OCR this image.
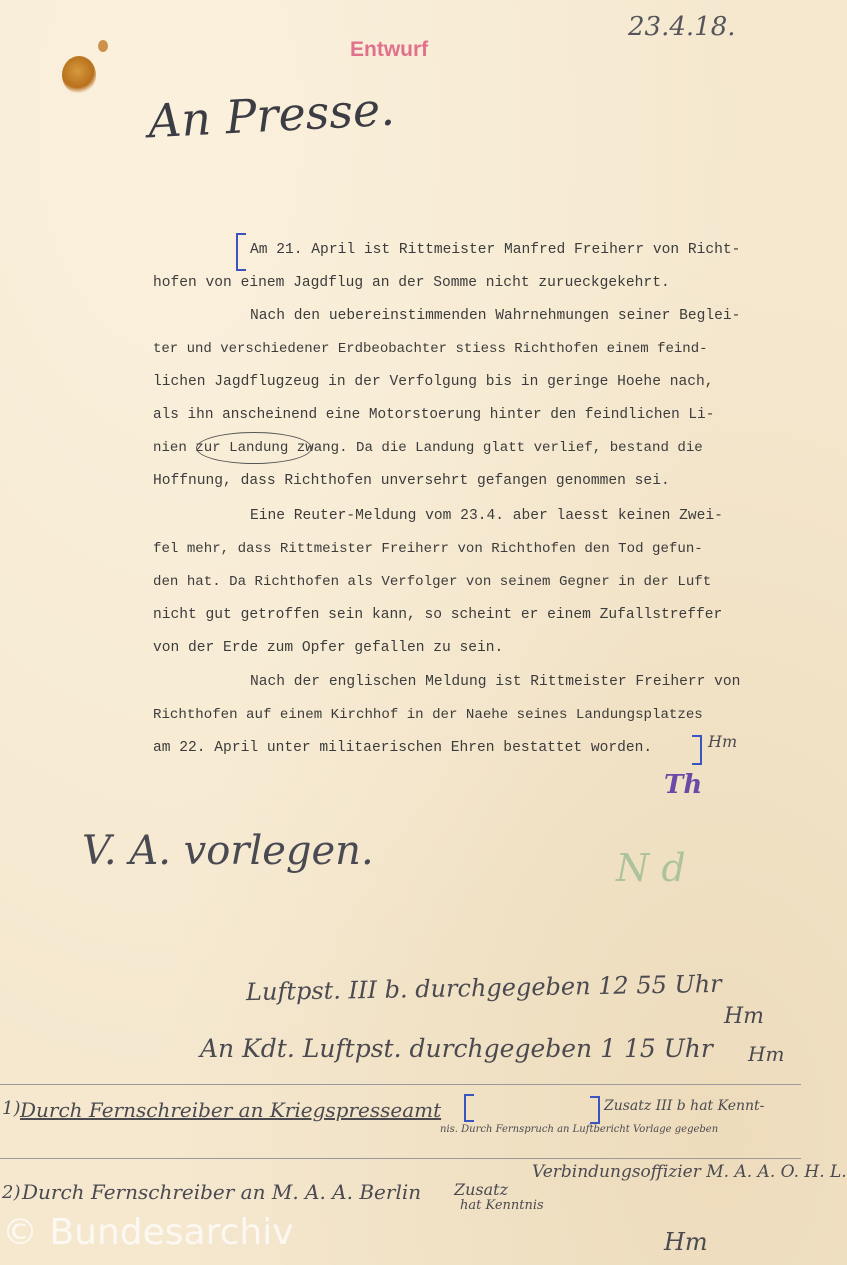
23.4.18.
Entwurf
An Presse.
Am 21. April ist Rittmeister Manfred Freiherr von Richt-
hofen von einem Jagdflug an der Somme nicht zurueckgekehrt.
Nach den uebereinstimmenden Wahrnehmungen seiner Beglei-
ter und verschiedener Erdbeobachter stiess Richthofen einem feind-
lichen Jagdflugzeug in der Verfolgung bis in geringe Hoehe nach,
als ihn anscheinend eine Motorstoerung hinter den feindlichen Li-
nien zur Landung zwang. Da die Landung glatt verlief, bestand die
Hoffnung, dass Richthofen unversehrt gefangen genommen sei.
Eine Reuter-Meldung vom 23.4. aber laesst keinen Zwei-
fel mehr, dass Rittmeister Freiherr von Richthofen den Tod gefun-
den hat. Da Richthofen als Verfolger von seinem Gegner in der Luft
nicht gut getroffen sein kann, so scheint er einem Zufallstreffer
von der Erde zum Opfer gefallen zu sein.
Nach der englischen Meldung ist Rittmeister Freiherr von
Richthofen auf einem Kirchhof in der Naehe seines Landungsplatzes
am 22. April unter militaerischen Ehren bestattet worden.	Hm
Th
V. A. vorlegen.	N d
Luftpst. III b. durchgegeben 12 55 Uhr
Hm
An Kdt. Luftpst. durchgegeben 1 15 Uhr Hm
1) Durch Fernschreiber an Kriegspresseamt	Zusatz III b hat Kennt-
nis. Durch Fernspruch an Luftbericht Vorlage gegeben
2) Durch Fernschreiber an M. A. A. Berlin Zusatz
Verbindungsoffizier M. A. A. O. H. L.
hat Kenntnis
Hm
© Bundesarchiv
